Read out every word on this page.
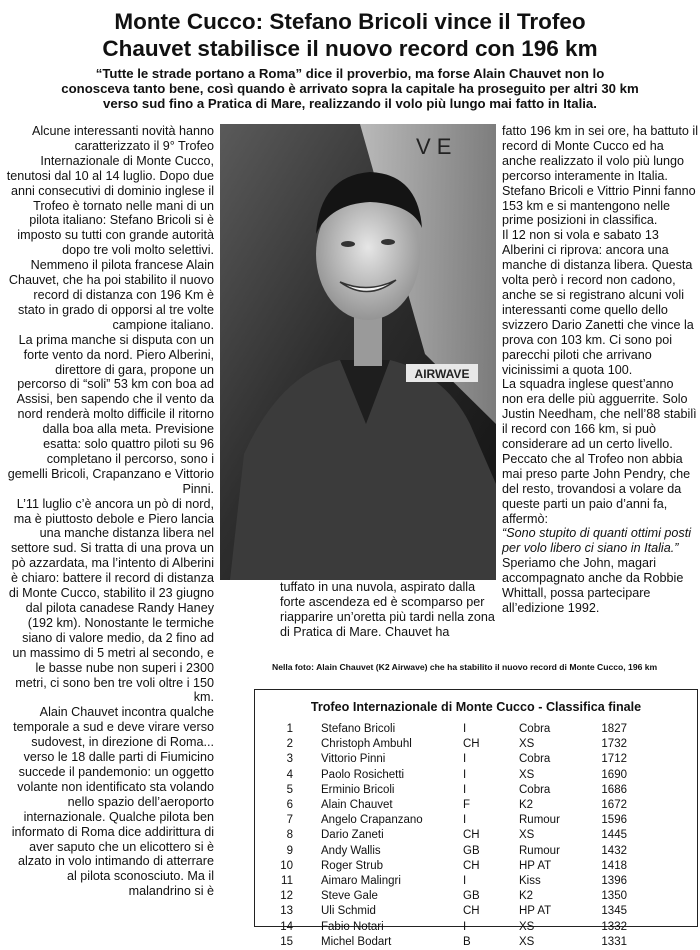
Monte Cucco: Stefano Bricoli vince il Trofeo
Chauvet stabilisce il nuovo record con 196 km
“Tutte le strade portano a Roma” dice il proverbio, ma forse Alain Chauvet non lo conosceva tanto bene, così quando è arrivato sopra la capitale ha proseguito per altri 30 km verso sud fino a Pratica di Mare, realizzando il volo più lungo mai fatto in Italia.

Alcune interessanti novità hanno caratterizzato il 9° Trofeo Internazionale di Monte Cucco, tenutosi dal 10 al 14 luglio. Dopo due anni consecutivi di dominio inglese il Trofeo è tornato nelle mani di un pilota italiano: Stefano Bricoli si è imposto su tutti con grande autorità dopo tre voli molto selettivi. Nemmeno il pilota francese Alain Chauvet, che ha poi stabilito il nuovo record di distanza con 196 Km è stato in grado di opporsi al tre volte campione italiano.

La prima manche si disputa con un forte vento da nord. Piero Alberini, direttore di gara, propone un percorso di “soli” 53 km con boa ad Assisi, ben sapendo che il vento da nord renderà molto difficile il ritorno dalla boa alla meta. Previsione esatta: solo quattro piloti su 96 completano il percorso, sono i gemelli Bricoli, Crapanzano e Vittorio Pinni.

L’11 luglio c’è ancora un pò di nord, ma è piuttosto debole e Piero lancia una manche distanza libera nel settore sud. Si tratta di una prova un pò azzardata, ma l’intento di Alberini è chiaro: battere il record di distanza di Monte Cucco, stabilito il 23 giugno dal pilota canadese Randy Haney (192 km). Nonostante le termiche siano di valore medio, da 2 fino ad un massimo di 5 metri al secondo, e le basse nube non superi i 2300 metri, ci sono ben tre voli oltre i 150 km.

Alain Chauvet incontra qualche temporale a sud e deve virare verso sudovest, in direzione di Roma... verso le 18 dalle parti di Fiumicino succede il pandemonio: un oggetto volante non identificato sta volando nello spazio dell’aeroporto internazionale. Qualche pilota ben informato di Roma dice addirittura di aver saputo che un elicottero si è alzato in volo intimando di atterrare al pilota sconosciuto. Ma il malandrino si è

V E
AIRWAVE

tuffato in una nuvola, aspirato dalla forte ascendeza ed è scomparso per riapparire un’oretta più tardi nella zona di Pratica di Mare. Chauvet ha

fatto 196 km in sei ore, ha battuto il record di Monte Cucco ed ha anche realizzato il volo più lungo percorso interamente in Italia. Stefano Bricoli e Vittrio Pinni fanno 153 km e si mantengono nelle prime posizioni in classifica.

Il 12 non si vola e sabato 13 Alberini ci riprova: ancora una manche di distanza libera. Questa volta però i record non cadono, anche se si registrano alcuni voli interessanti come quello dello svizzero Dario Zanetti che vince la prova con 103 km. Ci sono poi parecchi piloti che arrivano vicinissimi a quota 100.

La squadra inglese quest’anno non era delle più agguerrite. Solo Justin Needham, che nell’88 stabilì il record con 166 km, si può considerare ad un certo livello. Peccato che al Trofeo non abbia mai preso parte John Pendry, che del resto, trovandosi a volare da queste parti un paio d’anni fa, affermò:

“Sono stupito di quanti ottimi posti per volo libero ci siano in Italia.”

Speriamo che John, magari accompagnato anche da Robbie Whittall, possa partecipare all’edizione 1992.

Nella foto: Alain Chauvet (K2 Airwave) che ha stabilito il nuovo record di Monte Cucco, 196 km
Trofeo Internazionale di Monte Cucco - Classifica finale
1	Stefano Bricoli	I	Cobra	1827
2	Christoph Ambuhl	CH	XS	1732
3	Vittorio Pinni	I	Cobra	1712
4	Paolo Rosichetti	I	XS	1690
5	Erminio Bricoli	I	Cobra	1686
6	Alain Chauvet	F	K2	1672
7	Angelo Crapanzano	I	Rumour	1596
8	Dario Zaneti	CH	XS	1445
9	Andy Wallis	GB	Rumour	1432
10	Roger Strub	CH	HP AT	1418
11	Aimaro Malingri	I	Kiss	1396
12	Steve Gale	GB	K2	1350
13	Uli Schmid	CH	HP AT	1345
14	Fabio Notari	I	XS	1332
15	Michel Bodart	B	XS	1331
